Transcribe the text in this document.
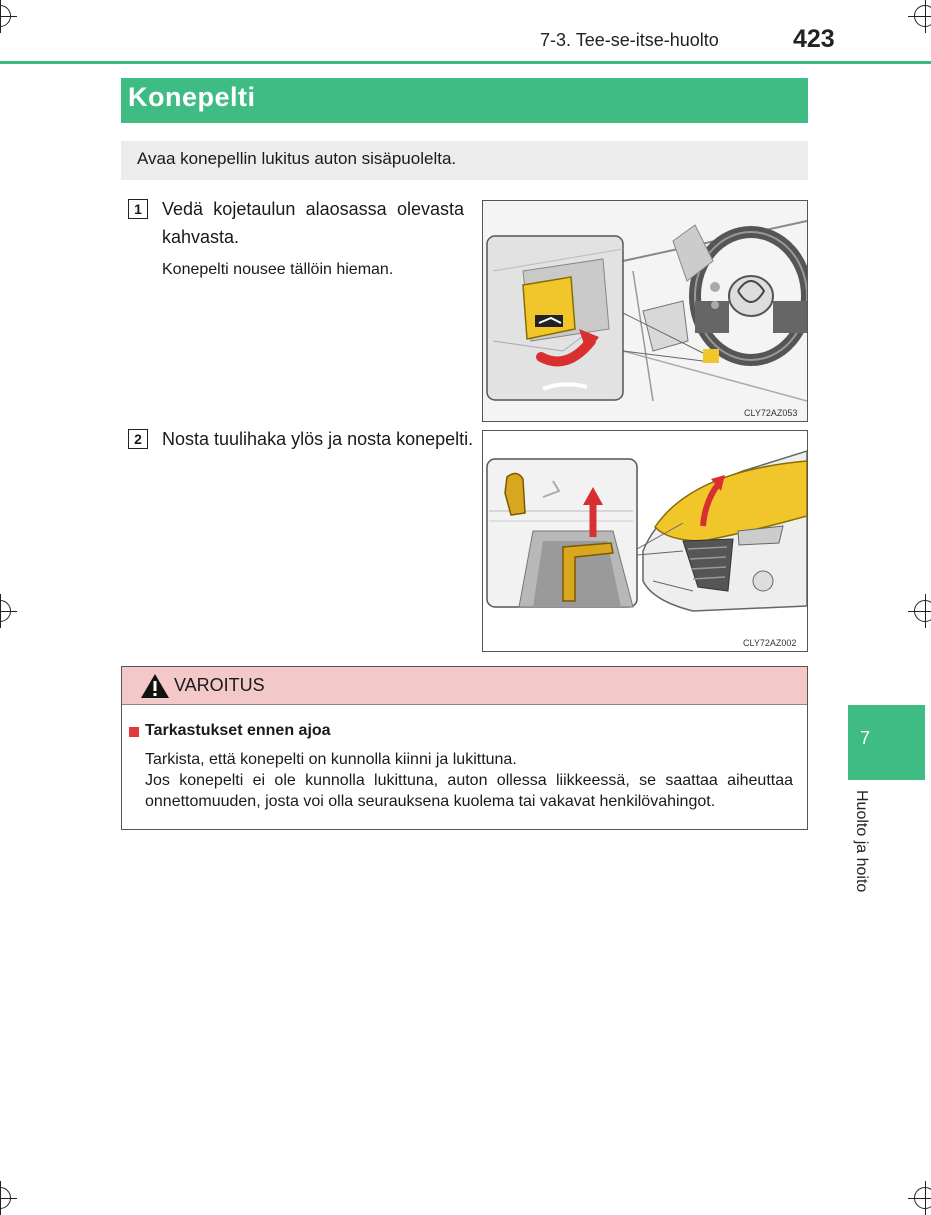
7-3. Tee-se-itse-huolto	423
Konepelti
Avaa konepellin lukitus auton sisäpuolelta.
1	Vedä kojetaulun alaosassa olevasta kahvasta.
Konepelti nousee tällöin hieman.
CLY72AZ053
2	Nosta tuulihaka ylös ja nosta konepelti.
CLY72AZ002
VAROITUS
Tarkastukset ennen ajoa
Tarkista, että konepelti on kunnolla kiinni ja lukittuna.
Jos konepelti ei ole kunnolla lukittuna, auton ollessa liikkeessä, se saattaa aiheuttaa onnettomuuden, josta voi olla seurauksena kuolema tai vakavat henkilövahingot.
7
Huolto ja hoito
